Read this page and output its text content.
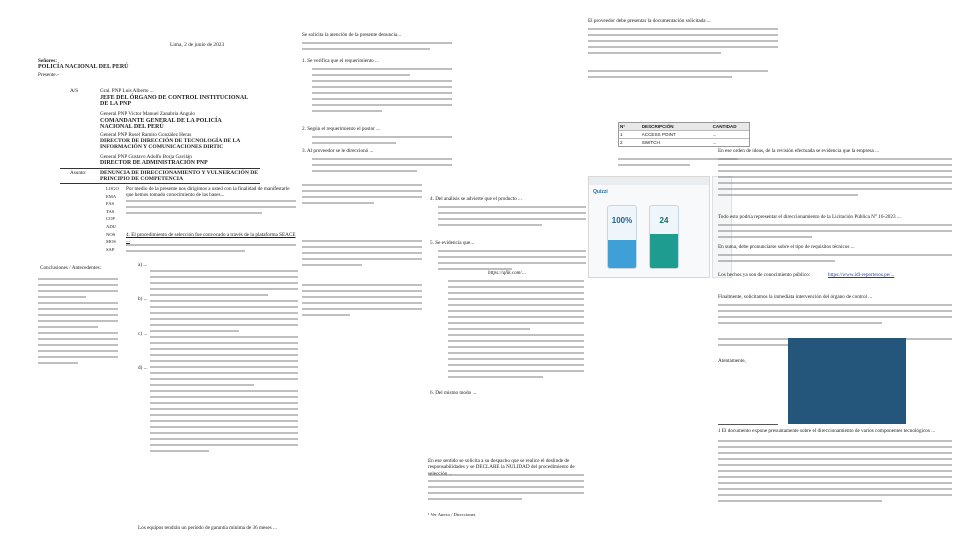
Lima, 2 de junio de 2023
Señores:
POLICÍA NACIONAL DEL PERÚ
Presente.-
A/S	Gral. PNP Luis Alberto ...
JEFE DEL ÓRGANO DE CONTROL INSTITUCIONAL DE LA PNP
General PNP Víctor Manuel Zanabria Angulo
COMANDANTE GENERAL DE LA POLICÍA NACIONAL DEL PERÚ
General PNP Rosel Ramiro González Heras
DIRECTOR DE DIRECCIÓN DE TECNOLOGÍA DE LA INFORMACIÓN Y COMUNICACIONES DIRTIC
General PNP Gustavo Adolfo Borja Gavilán
DIRECTOR DE ADMINISTRACIÓN PNP
Asunto: DENUNCIA DE DIRECCIONAMIENTO Y VULNERACIÓN DE PRINCIPIO DE COMPETENCIA
LOGO
EMA
FAS
TAS
COP
ADU
NOS
MOS
SAP
Por medio de la presente nos dirigimos a usted con la finalidad de manifestarle que hemos tomado conocimiento de las bases...
4. El procedimiento de selección fue convocado a través de la plataforma SEACE ...
Conclusiones / Antecedentes:	a) ...
b) ...
c) ...
d) ...
Los equipos tendrán un período de garantía mínima de 36 meses ...
Se solicita la atención de la presente denuncia...
1. Se verifica que el requerimiento ...
2. Según el requerimiento el postor ...
3. Al proveedor se le direccionó ...
4. Del análisis se advierte que el producto ...
5. Se evidencia que...
https://qlik.com/...
6. Del mismo modo ...
En ese sentido se solicita a su despacho que se realice el deslinde de responsabilidades y se DECLARE la NULIDAD del procedimiento de
¹ Ver Anexo / Direcciones
El proveedor debe presentar la documentación solicitada ...
N°	DESCRIPCIÓN	CANTIDAD
1	ACCESS POINT	...
2	SWITCH	...
Quizzi
100%	24
En ese orden de ideas, de la revisión efectuada se evidencia que la empresa ...
Todo esto podría representar el direccionamiento de la Licitación Pública N° 16-2023 ...
En suma, debe pronunciarse sobre el tipo de requisitos técnicos ...
Los hechos ya son de conocimiento público:	https://www.idl-reporteros.pe/...
Finalmente, solicitamos la inmediata intervención del órgano de control ...
Atentamente,
1 El documento expone presuntamente sobre el direccionamiento de varios componentes tecnológicos ...
